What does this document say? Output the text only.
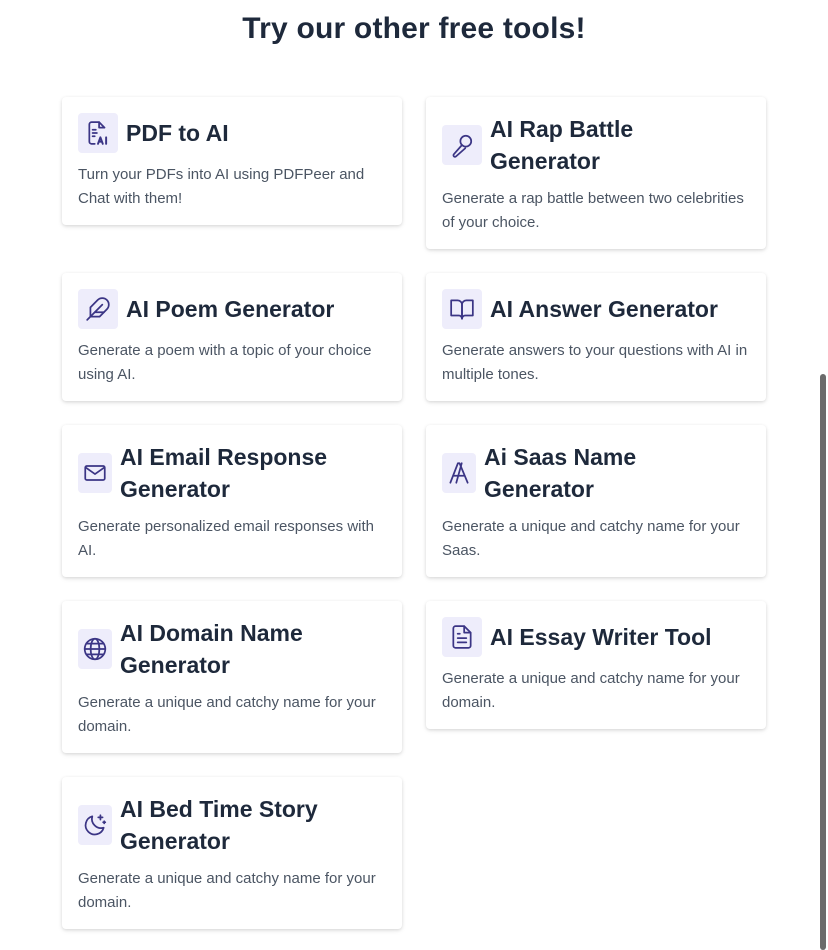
Try our other free tools!
PDF to AI
Turn your PDFs into AI using PDFPeer and Chat with them!
AI Rap Battle Generator
Generate a rap battle between two celebrities of your choice.
AI Poem Generator
Generate a poem with a topic of your choice using AI.
AI Answer Generator
Generate answers to your questions with AI in multiple tones.
AI Email Response Generator
Generate personalized email responses with AI.
Ai Saas Name Generator
Generate a unique and catchy name for your Saas.
AI Domain Name Generator
Generate a unique and catchy name for your domain.
AI Essay Writer Tool
Generate a unique and catchy name for your domain.
AI Bed Time Story Generator
Generate a unique and catchy name for your domain.
